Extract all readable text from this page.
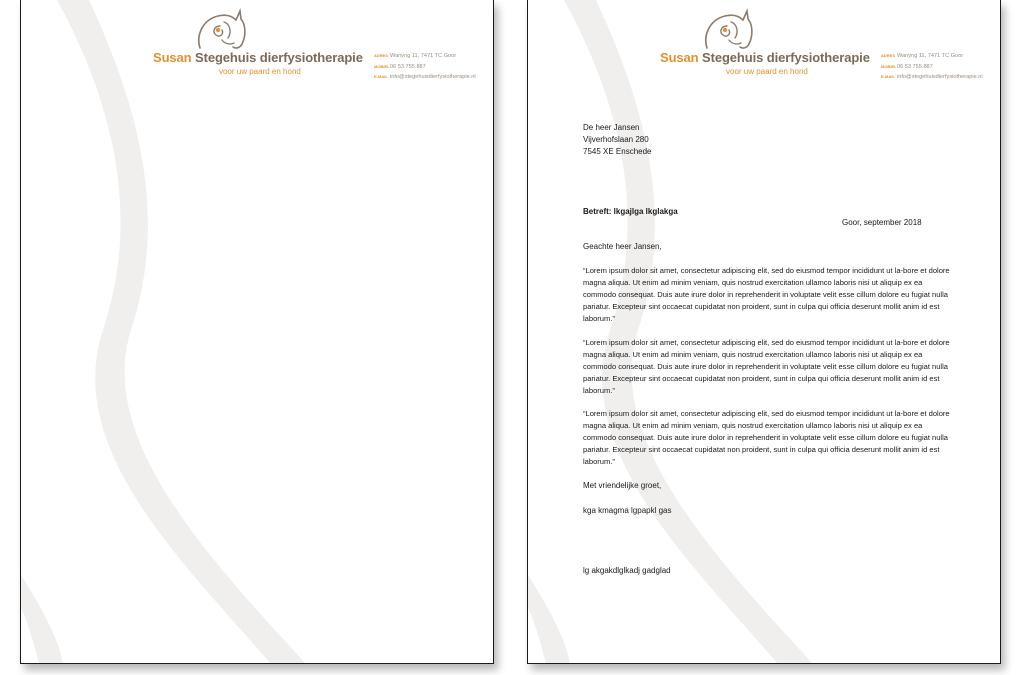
Susan Stegehuis dierfysiotherapie
voor uw paard en hond
ADRES Wanyng 11, 7471 TC Goor
MOBIEL06 53 755 887
E-MAIL info@stegehuisdierfysiotherapie.nl
Susan Stegehuis dierfysiotherapie
voor uw paard en hond
ADRES Wanyng 11, 7471 TC Goor
MOBIEL06 53 755 887
E-MAIL info@stegehuisdierfysiotherapie.nl
De heer Jansen
Vijverhofslaan 280
7545 XE Enschede
Betreft: lkgajlga lkglakga
Goor, september 2018
Geachte heer Jansen,
“Lorem ipsum dolor sit amet, consectetur adipiscing elit, sed do eiusmod tempor incididunt ut la-bore et dolore magna aliqua. Ut enim ad minim veniam, quis nostrud exercitation ullamco laboris nisi ut aliquip ex ea commodo consequat. Duis aute irure dolor in reprehenderit in voluptate velit esse cillum dolore eu fugiat nulla pariatur. Excepteur sint occaecat cupidatat non proident, sunt in culpa qui officia deserunt mollit anim id est laborum.”
“Lorem ipsum dolor sit amet, consectetur adipiscing elit, sed do eiusmod tempor incididunt ut la-bore et dolore magna aliqua. Ut enim ad minim veniam, quis nostrud exercitation ullamco laboris nisi ut aliquip ex ea commodo consequat. Duis aute irure dolor in reprehenderit in voluptate velit esse cillum dolore eu fugiat nulla pariatur. Excepteur sint occaecat cupidatat non proident, sunt in culpa qui officia deserunt mollit anim id est laborum.”
“Lorem ipsum dolor sit amet, consectetur adipiscing elit, sed do eiusmod tempor incididunt ut la-bore et dolore magna aliqua. Ut enim ad minim veniam, quis nostrud exercitation ullamco laboris nisi ut aliquip ex ea commodo consequat. Duis aute irure dolor in reprehenderit in voluptate velit esse cillum dolore eu fugiat nulla pariatur. Excepteur sint occaecat cupidatat non proident, sunt in culpa qui officia deserunt mollit anim id est laborum.”
Met vriendelijke groet,
kga kmagma lgpapkl gas
lg akgakdlglkadj gadglad
